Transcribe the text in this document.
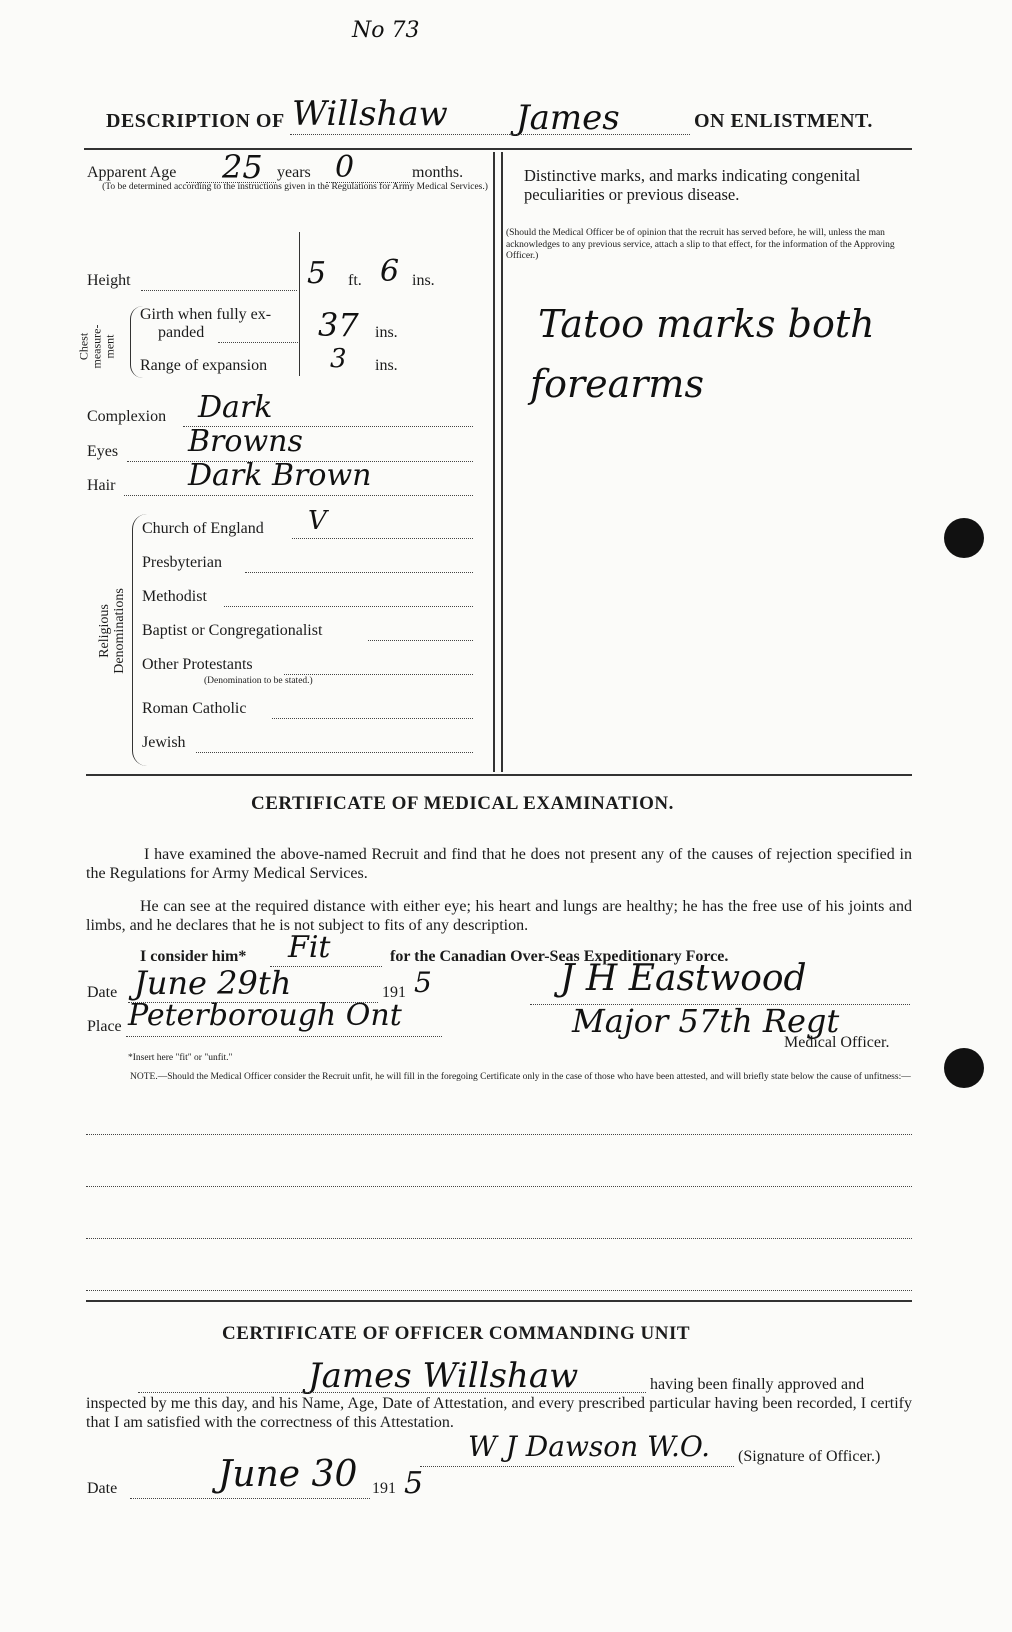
No 73
DESCRIPTION OF Willshaw James	ON ENLISTMENT.
Apparent Age 25 years 0	months.
(To be determined according to the instructions given in the Regulations for Army Medical Services.)
Height	5 ft. 6 ins.
Chest measure- ment
Girth when fully ex-
panded	37 ins.
Range of expansion 3 ins.
Complexion Dark
Eyes Browns
Hair Dark Brown
Religious Denominations
Church of England V
Presbyterian
Methodist
Baptist or Congregationalist
Other Protestants
(Denomination to be stated.)
Roman Catholic
Jewish
Distinctive marks, and marks indicating congenital peculiarities or previous disease.
(Should the Medical Officer be of opinion that the recruit has served before, he will, unless the man acknowledges to any previous service, attach a slip to that effect, for the information of the Approving Officer.)
Tatoo marks both
forearms
CERTIFICATE OF MEDICAL EXAMINATION.
I have examined the above-named Recruit and find that he does not present any of the causes of rejection specified in the Regulations for Army Medical Services.
He can see at the required distance with either eye; his heart and lungs are healthy; he has the free use of his joints and limbs, and he declares that he is not subject to fits of any description.
I consider him* Fit	for the Canadian Over-Seas Expeditionary Force.
Date June 29th	191 5
Place Peterborough Ont
J H Eastwood
Major 57th Regt
Medical Officer.
*Insert here "fit" or "unfit."
NOTE.—Should the Medical Officer consider the Recruit unfit, he will fill in the foregoing Certificate only in the case of those who have been attested, and will briefly state below the cause of unfitness:—
CERTIFICATE OF OFFICER COMMANDING UNIT
James Willshaw	having been finally approved and
inspected by me this day, and his Name, Age, Date of Attestation, and every prescribed particular having been recorded, I certify that I am satisfied with the correctness of this Attestation.
W J Dawson W.O. (Signature of Officer.)
Date	June 30 191 5
